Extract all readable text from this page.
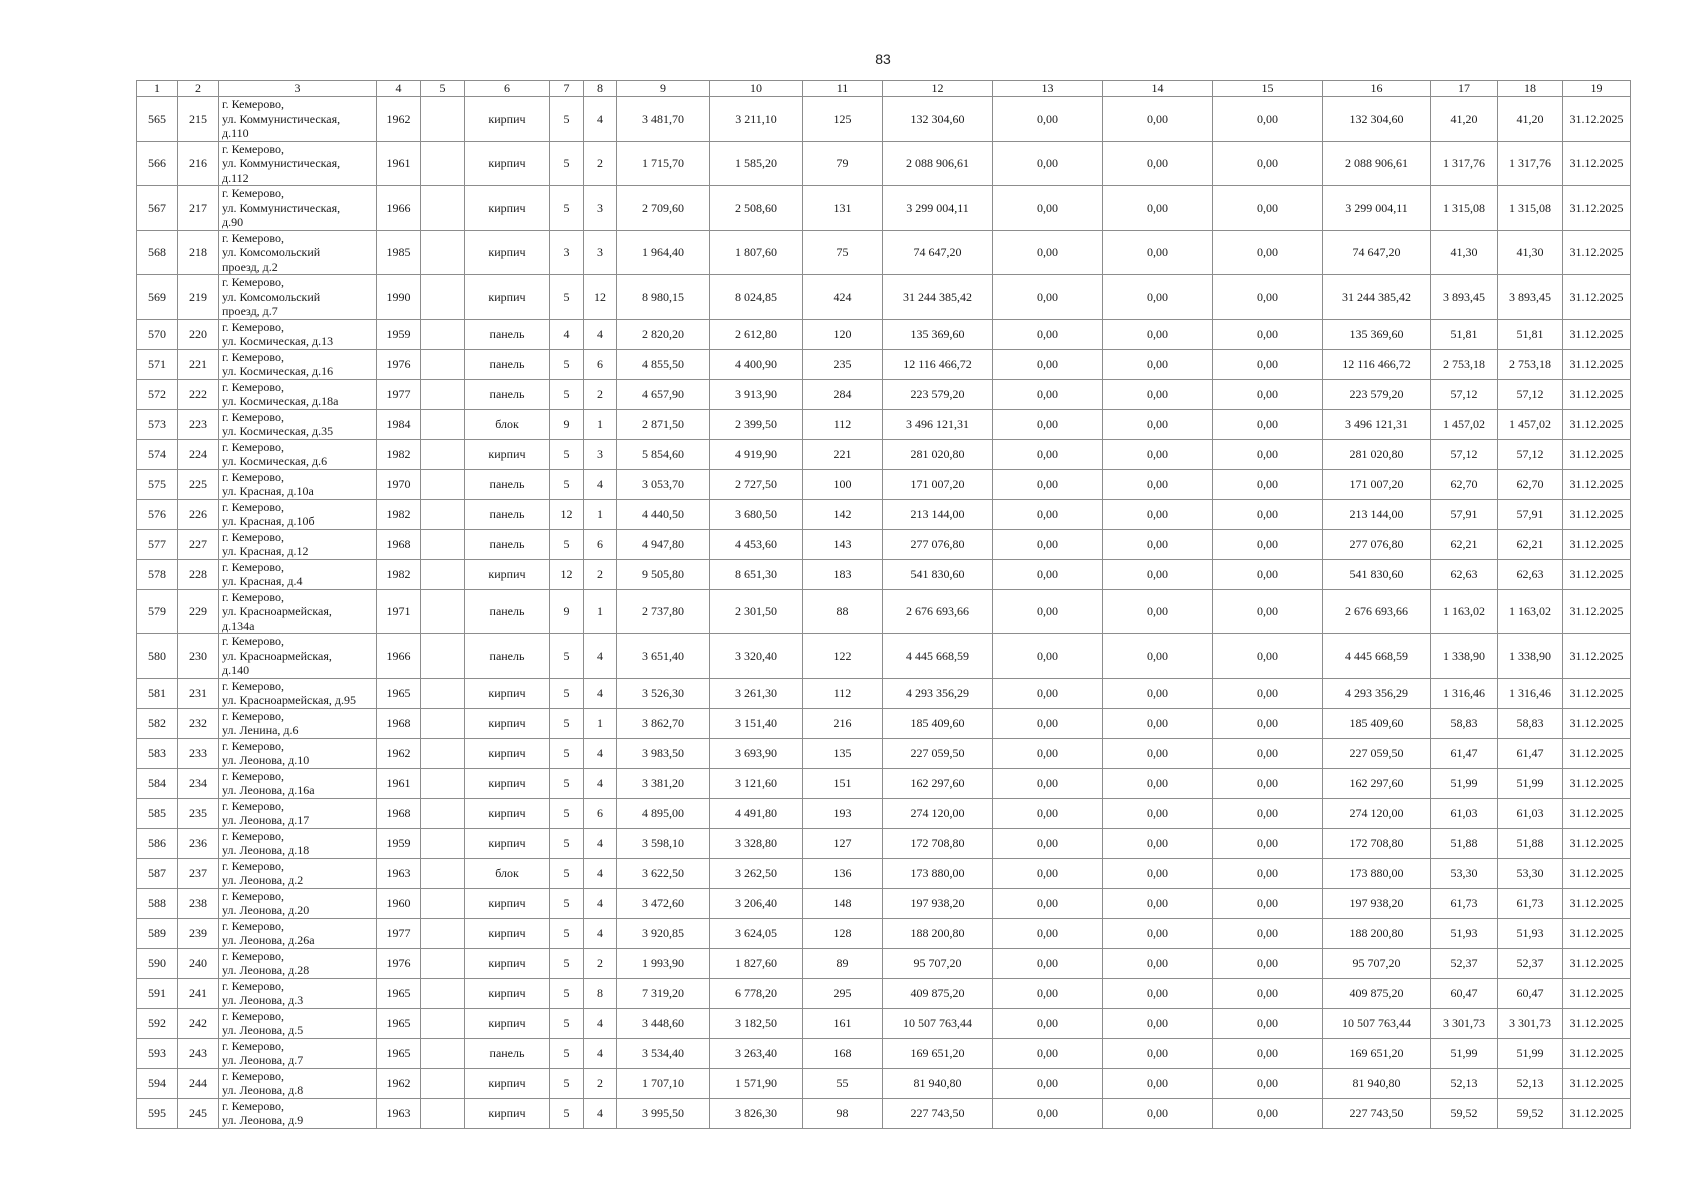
83
1	2	3	4	5	6	7	8	9	10	11	12	13	14	15	16	17	18	19
565	215	г. Кемерово,
ул. Коммунистическая,
д.110	1962		кирпич	5	4	3 481,70	3 211,10	125	132 304,60	0,00	0,00	0,00	132 304,60	41,20	41,20	31.12.2025
566	216	г. Кемерово,
ул. Коммунистическая,
д.112	1961		кирпич	5	2	1 715,70	1 585,20	79	2 088 906,61	0,00	0,00	0,00	2 088 906,61	1 317,76	1 317,76	31.12.2025
567	217	г. Кемерово,
ул. Коммунистическая,
д.90	1966		кирпич	5	3	2 709,60	2 508,60	131	3 299 004,11	0,00	0,00	0,00	3 299 004,11	1 315,08	1 315,08	31.12.2025
568	218	г. Кемерово,
ул. Комсомольский
проезд, д.2	1985		кирпич	3	3	1 964,40	1 807,60	75	74 647,20	0,00	0,00	0,00	74 647,20	41,30	41,30	31.12.2025
569	219	г. Кемерово,
ул. Комсомольский
проезд, д.7	1990		кирпич	5	12	8 980,15	8 024,85	424	31 244 385,42	0,00	0,00	0,00	31 244 385,42	3 893,45	3 893,45	31.12.2025
570	220	г. Кемерово,
ул. Космическая, д.13	1959		панель	4	4	2 820,20	2 612,80	120	135 369,60	0,00	0,00	0,00	135 369,60	51,81	51,81	31.12.2025
571	221	г. Кемерово,
ул. Космическая, д.16	1976		панель	5	6	4 855,50	4 400,90	235	12 116 466,72	0,00	0,00	0,00	12 116 466,72	2 753,18	2 753,18	31.12.2025
572	222	г. Кемерово,
ул. Космическая, д.18а	1977		панель	5	2	4 657,90	3 913,90	284	223 579,20	0,00	0,00	0,00	223 579,20	57,12	57,12	31.12.2025
573	223	г. Кемерово,
ул. Космическая, д.35	1984		блок	9	1	2 871,50	2 399,50	112	3 496 121,31	0,00	0,00	0,00	3 496 121,31	1 457,02	1 457,02	31.12.2025
574	224	г. Кемерово,
ул. Космическая, д.6	1982		кирпич	5	3	5 854,60	4 919,90	221	281 020,80	0,00	0,00	0,00	281 020,80	57,12	57,12	31.12.2025
575	225	г. Кемерово,
ул. Красная, д.10а	1970		панель	5	4	3 053,70	2 727,50	100	171 007,20	0,00	0,00	0,00	171 007,20	62,70	62,70	31.12.2025
576	226	г. Кемерово,
ул. Красная, д.10б	1982		панель	12	1	4 440,50	3 680,50	142	213 144,00	0,00	0,00	0,00	213 144,00	57,91	57,91	31.12.2025
577	227	г. Кемерово,
ул. Красная, д.12	1968		панель	5	6	4 947,80	4 453,60	143	277 076,80	0,00	0,00	0,00	277 076,80	62,21	62,21	31.12.2025
578	228	г. Кемерово,
ул. Красная, д.4	1982		кирпич	12	2	9 505,80	8 651,30	183	541 830,60	0,00	0,00	0,00	541 830,60	62,63	62,63	31.12.2025
579	229	г. Кемерово,
ул. Красноармейская,
д.134а	1971		панель	9	1	2 737,80	2 301,50	88	2 676 693,66	0,00	0,00	0,00	2 676 693,66	1 163,02	1 163,02	31.12.2025
580	230	г. Кемерово,
ул. Красноармейская,
д.140	1966		панель	5	4	3 651,40	3 320,40	122	4 445 668,59	0,00	0,00	0,00	4 445 668,59	1 338,90	1 338,90	31.12.2025
581	231	г. Кемерово,
ул. Красноармейская, д.95	1965		кирпич	5	4	3 526,30	3 261,30	112	4 293 356,29	0,00	0,00	0,00	4 293 356,29	1 316,46	1 316,46	31.12.2025
582	232	г. Кемерово,
ул. Ленина, д.6	1968		кирпич	5	1	3 862,70	3 151,40	216	185 409,60	0,00	0,00	0,00	185 409,60	58,83	58,83	31.12.2025
583	233	г. Кемерово,
ул. Леонова, д.10	1962		кирпич	5	4	3 983,50	3 693,90	135	227 059,50	0,00	0,00	0,00	227 059,50	61,47	61,47	31.12.2025
584	234	г. Кемерово,
ул. Леонова, д.16а	1961		кирпич	5	4	3 381,20	3 121,60	151	162 297,60	0,00	0,00	0,00	162 297,60	51,99	51,99	31.12.2025
585	235	г. Кемерово,
ул. Леонова, д.17	1968		кирпич	5	6	4 895,00	4 491,80	193	274 120,00	0,00	0,00	0,00	274 120,00	61,03	61,03	31.12.2025
586	236	г. Кемерово,
ул. Леонова, д.18	1959		кирпич	5	4	3 598,10	3 328,80	127	172 708,80	0,00	0,00	0,00	172 708,80	51,88	51,88	31.12.2025
587	237	г. Кемерово,
ул. Леонова, д.2	1963		блок	5	4	3 622,50	3 262,50	136	173 880,00	0,00	0,00	0,00	173 880,00	53,30	53,30	31.12.2025
588	238	г. Кемерово,
ул. Леонова, д.20	1960		кирпич	5	4	3 472,60	3 206,40	148	197 938,20	0,00	0,00	0,00	197 938,20	61,73	61,73	31.12.2025
589	239	г. Кемерово,
ул. Леонова, д.26а	1977		кирпич	5	4	3 920,85	3 624,05	128	188 200,80	0,00	0,00	0,00	188 200,80	51,93	51,93	31.12.2025
590	240	г. Кемерово,
ул. Леонова, д.28	1976		кирпич	5	2	1 993,90	1 827,60	89	95 707,20	0,00	0,00	0,00	95 707,20	52,37	52,37	31.12.2025
591	241	г. Кемерово,
ул. Леонова, д.3	1965		кирпич	5	8	7 319,20	6 778,20	295	409 875,20	0,00	0,00	0,00	409 875,20	60,47	60,47	31.12.2025
592	242	г. Кемерово,
ул. Леонова, д.5	1965		кирпич	5	4	3 448,60	3 182,50	161	10 507 763,44	0,00	0,00	0,00	10 507 763,44	3 301,73	3 301,73	31.12.2025
593	243	г. Кемерово,
ул. Леонова, д.7	1965		панель	5	4	3 534,40	3 263,40	168	169 651,20	0,00	0,00	0,00	169 651,20	51,99	51,99	31.12.2025
594	244	г. Кемерово,
ул. Леонова, д.8	1962		кирпич	5	2	1 707,10	1 571,90	55	81 940,80	0,00	0,00	0,00	81 940,80	52,13	52,13	31.12.2025
595	245	г. Кемерово,
ул. Леонова, д.9	1963		кирпич	5	4	3 995,50	3 826,30	98	227 743,50	0,00	0,00	0,00	227 743,50	59,52	59,52	31.12.2025
